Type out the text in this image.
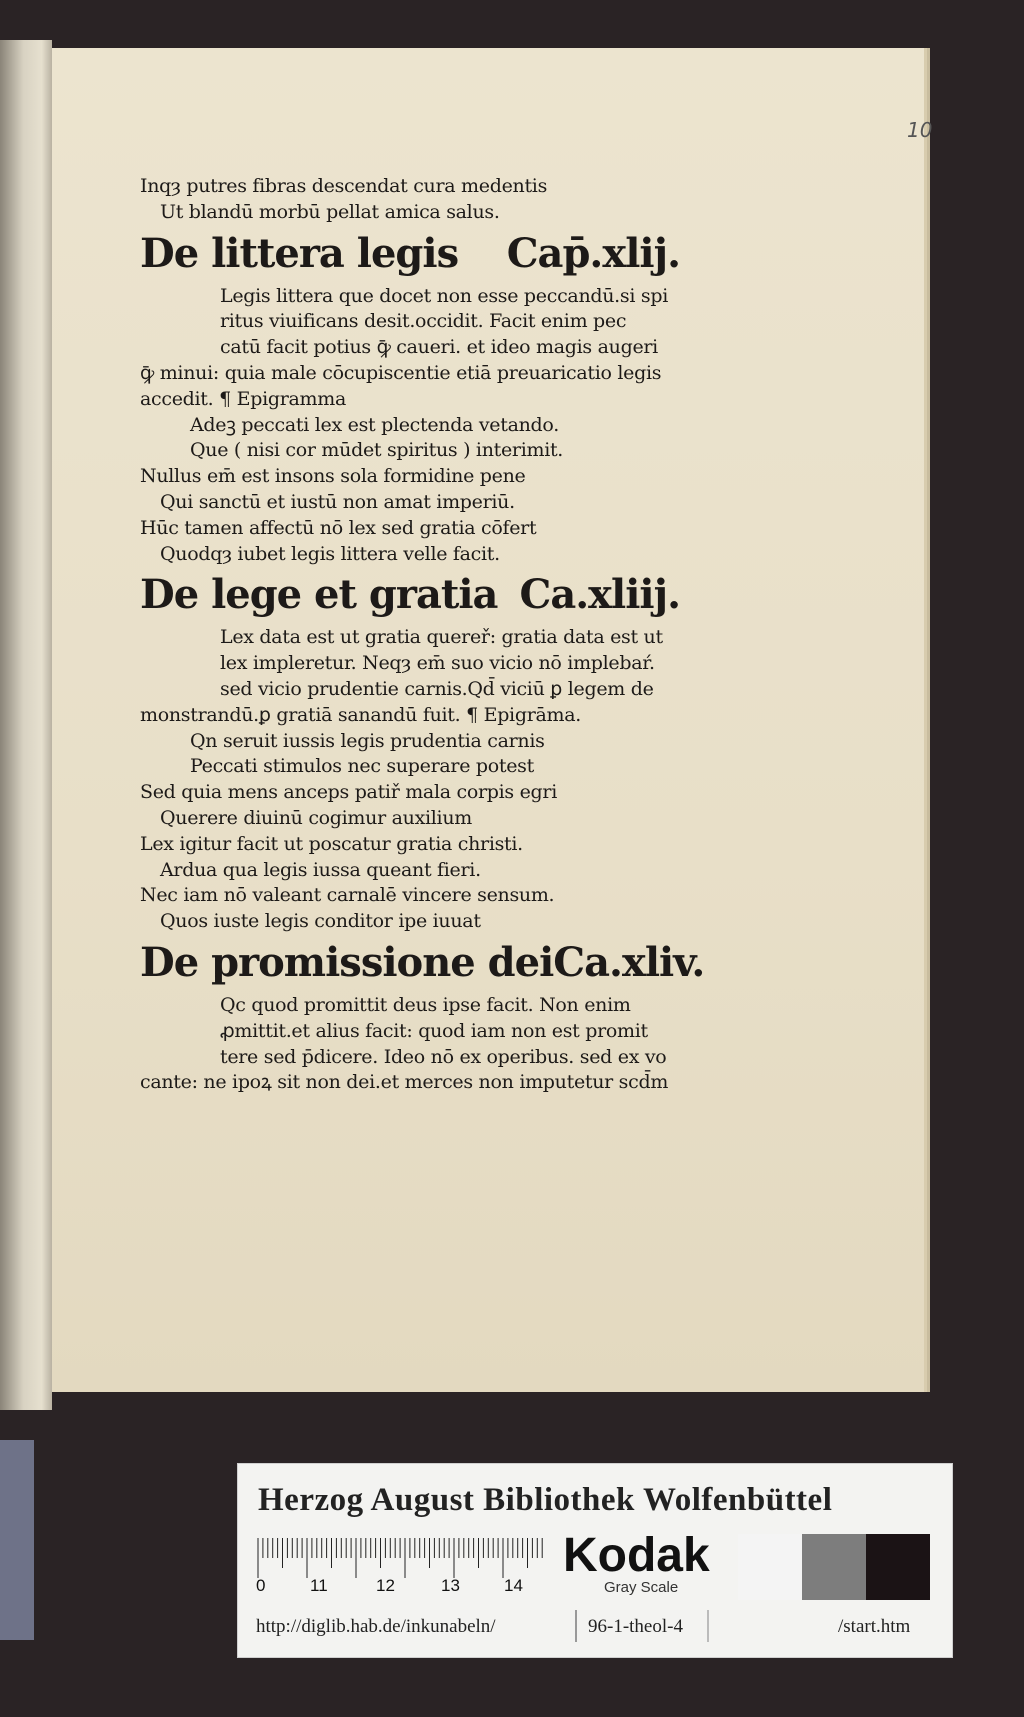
10
Inqȝ putres fibras descendat cura medentis
Ut blandū morbū pellat amica salus.
De littera legis Cap̄.xlij.
Legis littera que docet non esse peccandū.si spi
ritus viuificans desit.occidit. Facit enim pec
catū facit potius ꝙ̄ caueri. et ideo magis augeri
ꝙ̄ minui: quia male cōcupiscentie etiā preuaricatio legis
accedit. ¶ Epigramma
Adeꝫ peccati lex est plectenda vetando.
Que ( nisi cor mūdet spiritus ) interimit.
Nullus em̄ est insons sola formidine pene
Qui sanctū et iustū non amat imperiū.
Hūc tamen affectū nō lex sed gratia cōfert
Quodqȝ iubet legis littera velle facit.
De lege et gratia Ca.xliij.
Lex data est ut gratia quereř: gratia data est ut
lex impleretur. Neqȝ em̄ suo vicio nō implebaŕ.
sed vicio prudentie carnis.Qd̄ viciū ꝑ legem de
monstrandū.ꝑ gratiā sanandū fuit. ¶ Epigrāma.
Qn seruit iussis legis prudentia carnis
Peccati stimulos nec superare potest
Sed quia mens anceps patiř mala corpis egri
Querere diuinū cogimur auxilium
Lex igitur facit ut poscatur gratia christi.
Ardua qua legis iussa queant fieri.
Nec iam nō valeant carnalē vincere sensum.
Quos iuste legis conditor ipe iuuat
De promissione dei Ca.xliv.
Qc quod promittit deus ipse facit. Non enim
ꝓmittit.et alius facit: quod iam non est promit
tere sed p̄dicere. Ideo nō ex operibus. sed ex vo
cante: ne ipoꝝ sit non dei.et merces non imputetur scd̄m
Herzog August Bibliothek Wolfenbüttel
0	11	12	13	14
Kodak
Gray Scale
http://diglib.hab.de/inkunabeln/	96-1-theol-4	/start.htm
